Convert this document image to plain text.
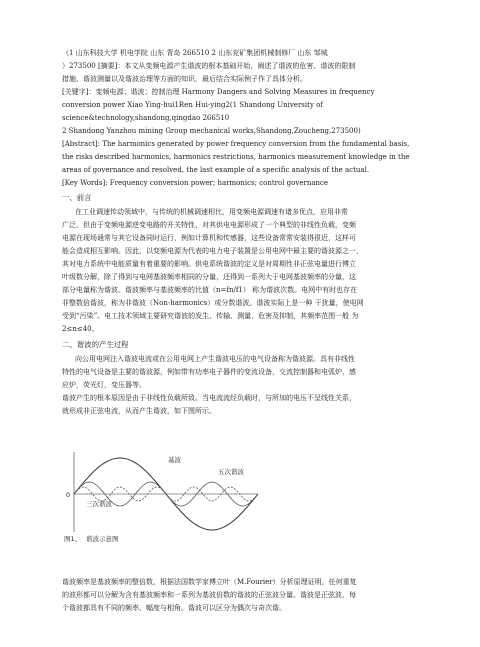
（1 山东科技大学 机电学院 山东 青岛 266510 2 山东兖矿集团机械制修厂 山东 邹城
）273500 [摘要]：本文从变频电源产生谐波的根本基础开始，阐述了谐波的危害、谐波的限制
措施、谐波测量以及谐波治理等方面的知识，最后结合实际例子作了具体分析。
[关键字]：变频电源；谐波；控制治理 Harmony Dangers and Solving Measures in frequency
conversion power Xiao Ying-hui1Ren Hui-ying2(1 Shandong University of
science&technology,shandong,qingdao 266510
2 Shandong Yanzhou mining Group mechanical works,Shandong,Zoucheng,273500)
[Abstract]: The harmonics generated by power frequency conversion from the fundamental basis,
the risks described harmonics, harmonics restrictions, harmonics measurement knowledge in the
areas of governance and resolved, the last example of a specific analysis of the actual.
[Key Words]: Frequency conversion power; harmonics; control governance
一、前言
在工业调速传动领域中，与传统的机械调速相比，用变频电源调速有诸多优点，应用非常
广泛，但由于变频电源逆变电路的开关特性，对其供电电源形成了一个典型的非线性负载，变频
电源在现场通常与其它设备同时运行，例如计算机和传感器，这些设备常常安装得很近，这样可
能会造成相互影响。因此，以变频电源为代表的电力电子装置是公用电网中最主要的谐波源之一，
其对电力系统中电能质量有着重要的影响。供电系统谐波的定义是对周期性非正弦电量进行傅立
叶级数分解，除了得到与电网基波频率相同的分量，还得到一系列大于电网基波频率的分量，这
部分电量称为谐波。谐波频率与基波频率的比值（n=fn/f1） 称为谐波次数。电网中有时也存在
非整数倍谐波，称为非谐波（Non-harmonics）或分数谐波。谐波实际上是一种 干扰量，使电网
受到“污染”。电工技术领域主要研究谐波的发生、传输、测量、危害及抑制，其频率范围一般 为
2≤n≤40。
二、谐波的产生过程
向公用电网注入谐波电流或在公用电网上产生谐波电压的电气设备称为谐波源。具有非线性
特性的电气设备是主要的谐波源，例如带有功率电子器件的变流设备，交流控制器和电弧炉，感
应炉，荧光灯，变压器等。
谐波产生的根本原因是由于非线性负载所致。当电流流经负载时，与所加的电压不呈线性关系，
就形成非正弦电流，从而产生谐波，如下图所示。
基波
五次谐波
三次谐波
0
图1、 谐波示意图
谐波频率是基波频率的整倍数，根据法国数学家傅立叶（M.Fourier）分析原理证明，任何重复
的波形都可以分解为含有基波频率和一系列为基波倍数的谐波的正弦波分量。谐波是正弦波，每
个谐波都具有不同的频率、幅度与相角。谐波可以区分为偶次与奇次谐。
